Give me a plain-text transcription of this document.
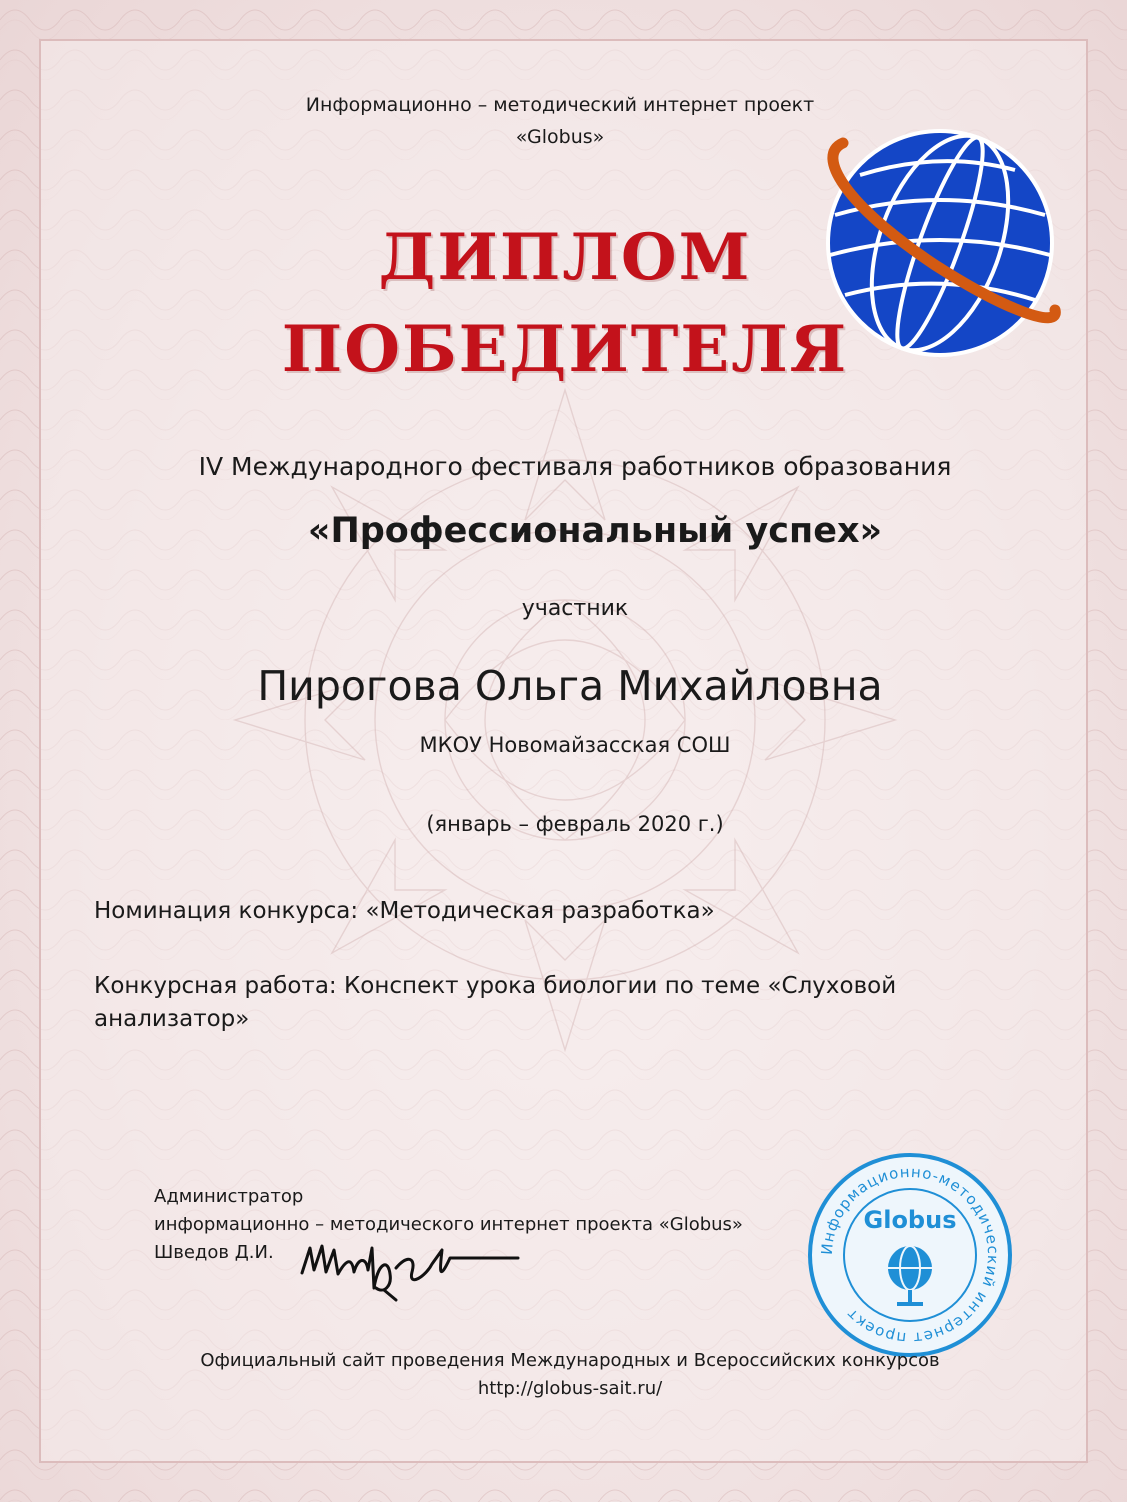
Информационно – методический интернет проект
«Globus»
ДИПЛОМ
ПОБЕДИТЕЛЯ
IV Международного фестиваля работников образования
«Профессиональный успех»
участник
Пирогова Ольга Михайловна
МКОУ Новомайзасская СОШ
(январь – февраль 2020 г.)
Номинация конкурса: «Методическая разработка»
Конкурсная работа: Конспект урока биологии по теме «Слуховой анализатор»
Администратор
информационно – методического интернет проекта «Globus»
Шведов Д.И.	Информационно-методический интернет проект
Globus
Официальный сайт проведения Международных и Всероссийских конкурсов
http://globus-sait.ru/
